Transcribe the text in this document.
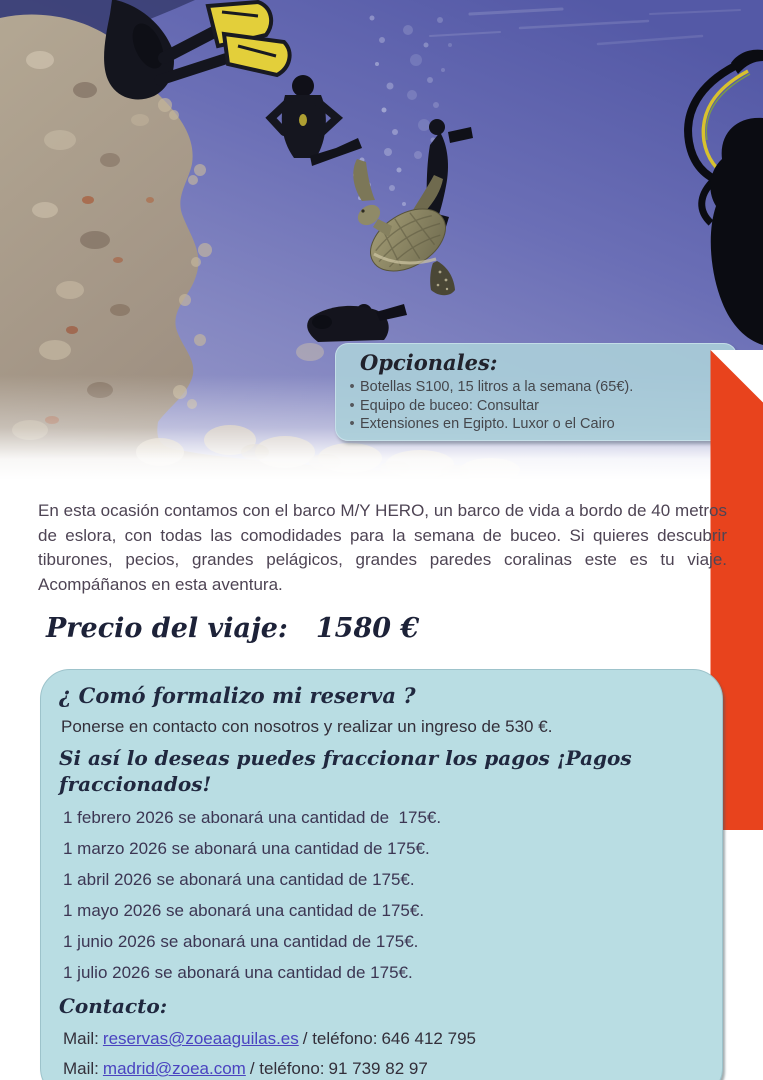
Opcionales:
• Botellas S100, 15 litros a la semana (65€).
• Equipo de buceo: Consultar
• Extensiones en Egipto. Luxor o el Cairo

En esta ocasión contamos con el barco M/Y HERO, un barco de vida a bordo de 40 metros de eslora, con todas las comodidades para la semana de buceo. Si quieres descubrir tiburones, pecios, grandes pelágicos, grandes paredes coralinas este es tu viaje. Acompáñanos en esta aventura.

Precio del viaje: 1580 €
¿ Comó formalizo mi reserva ?

Ponerse en contacto con nosotros y realizar un ingreso de 530 €.

Si así lo deseas puedes fraccionar los pagos ¡Pagos fraccionados!
1 febrero 2026 se abonará una cantidad de  175€.
1 marzo 2026 se abonará una cantidad de 175€.
1 abril 2026 se abonará una cantidad de 175€.
1 mayo 2026 se abonará una cantidad de 175€.
1 junio 2026 se abonará una cantidad de 175€.
1 julio 2026 se abonará una cantidad de 175€.
Contacto:
Mail: reservas@zoeaaguilas.es / teléfono: 646 412 795
Mail: madrid@zoea.com / teléfono: 91 739 82 97
